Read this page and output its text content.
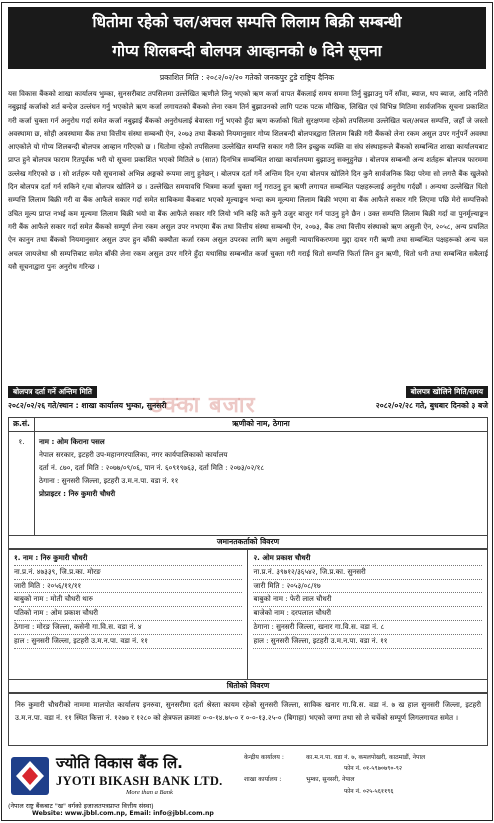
धितोमा रहेको चल/अचल सम्पत्ति लिलाम बिक्री सम्बन्धी
गोप्य शिलबन्दी बोलपत्र आव्हानको ७ दिने सूचना
प्रकाशित मिति : २०८२/०२/२० गतेको जनकपुर टुडे राष्ट्रिय दैनिक
यस विकास बैंकको शाखा कार्यालय भुम्का, सुनसरीबाट तपसिलमा उल्लेखित ऋणीले लिनु भएको ऋण कर्जा वापत बैंकलाई समय सममा तिर्नु बुझाउनु पर्ने साँवा, ब्याज, थप ब्याज, आदि नतिरी नबुझाई कर्जाको शर्त बन्देज उल्लंघन गर्नु भएकोले ऋण कर्जा लगायतको बैंकको लेना रकम तिर्न बुझाउनको लागि पटक पटक मौखिक, लिखित एवं विभिन्न मितिमा सार्वजनिक सूचना प्रकाशित गरी कर्जा चुक्ता गर्न अनुरोध गर्दा समेत कर्जा नबुझाई बैंकको अनुरोधलाई बेवास्ता गर्नु भएको हुँदा ऋण कर्जाको धितो सुरक्षणमा रहेको तपसिलमा उल्लेखित चल/अचल सम्पत्ति, जहाँ जे जस्तो अवस्थामा छ, सोही अवस्थामा बैंक तथा वित्तीय संस्था सम्बन्धी ऐन, २०७३ तथा बैंकको नियमानुसार गोप्य शिलबन्दी बोलपत्रद्वारा लिलाम बिक्री गरी बैंकको लेना रकम असुल उपर गर्नुपर्ने अवस्था आएकोले यो गोप्य शिलबन्दी बोलपत्र आव्हान गरिएको छ । धितोमा रहेको तपसिलमा उल्लेखित सम्पत्ति सकार गरी लिन इच्छुक व्यक्ति वा संघ संस्थाहरूले बैंकको सम्बन्धित शाखा कार्यालयबाट प्राप्त हुने बोलपत्र फाराम रितपूर्वक भरी यो सूचना प्रकाशित भएको मितिले ७ (सात) दिनभित्र सम्बन्धित शाखा कार्यालयमा बुझाउनु सक्नुहुनेछ । बोलपत्र सम्बन्धी अन्य शर्तहरू बोलपत्र फारममा उल्लेख गरिएको छ । सो शर्तहरू यसै सूचनाको अभिन्न अङ्गको रूपमा लागु हुनेछन् । बोलपत्र दर्ता गर्ने अन्तिम दिन र/वा बोलपत्र खोलिने दिन कुनै सार्वजनिक बिदा परेमा सो लगत्तै बैंक खुलेको दिन बोलपत्र दर्ता गर्न सकिने र/वा बोलपत्र खोलिने छ । उल्लेखित समयावधि भित्रमा कर्जा चुक्ता गर्नु गराउनु हुन ऋणी लगायत सम्बन्धित पक्षहरूलाई अनुरोध गर्दछौं । अन्यथा उल्लेखित धितो सम्पत्ति लिलाम बिक्री गरी वा बैंक आफैले सकार गर्दा समेत साबिकमा बैंकबाट भएको मूल्याङ्कन भन्दा कम मूल्यमा लिलाम बिक्री भएमा वा बैंक आफैले सकार गरि लिएमा पछि मेरो सम्पत्तिको उचित मूल्य प्राप्त नभई कम मूल्यमा लिलाम बिक्री भयो वा बैंक आफैले सकार गरि लियो भनि कहि कतै कुनै उजुर बाजुर गर्न पाउनु हुने छैन । उक्त सम्पत्ति लिलाम बिक्री गर्दा वा पुनर्मूल्याङ्कन गरी बैंक आफैले सकार गर्दा समेत बैंकको सम्पूर्ण लेना रकम असुल उपर नभएमा बैंक तथा वित्तीय संस्था सम्बन्धी ऐन, २०७३, बैंक तथा वित्तीय संस्थाको ऋण असुली ऐन, २०५८, अन्य प्रचलित ऐन कानुन तथा बैंकको नियमानुसार असुल उपर हुन बाँकी बक्यौता कर्जा रकम असुल उपरका लागि ऋण असुली न्यायाधिकरणमा मुद्दा दायर गरी ऋणी तथा सम्बन्धित पक्षहरूको अन्य चल अचल जायजेथा श्री सम्पत्तिबाट समेत बाँकी लेना रकम असुल उपर गरिने हुँदा यथासिघ्र सम्बन्धीत कर्जा चुक्ता गरी गराई धितो सम्पत्ति फिर्ता लिन हुन ऋणी, धितो धनी तथा सम्बन्धित सबैलाई यसै सूचनाद्वारा पुनः अनुरोध गरिन्छ ।
ठक्का बजार
बोलपत्र दर्ता गर्ने अन्तिम मिति	बोलपत्र खोलिने मिति/समय
२०८२/०२/२६ गते/स्थान : शाखा कार्यालय भुम्का, सुनसरी	२०८२/०२/२८ गते, बुधबार दिनको ३ बजे
क्र.सं.	ऋणीको नाम, ठेगाना
१.	नाम : ओम किराना पसल
नेपाल सरकार, इटहरी उप-महानगरपालिका, नगर कार्यपालिकाको कार्यालय
दर्ता नं. ८७०, दर्ता मिति : २०७७/०९/०६, पान नं. ६०९१९७६३, दर्ता मिति : २०७३/०२/१८
ठेगाना : सुनसरी जिल्ला, इटहरी उ.म.न.पा. वडा नं. ११
प्रोप्राइटर : निरु कुमारी चौधरी
जमानतकर्ताको विवरण
१. नाम : निरु कुमारी चौधरी
ना.प्र.नं. ४७३३९, जि.प्र.का. मोरङ
जारी मिति : २०५६/११/११
बाबुको नाम : मोती चौधरी थारु
पतिको नाम : ओम प्रकाश चौधरी
ठेगाना : मोरङ जिल्ला, कसेनी गा.वि.स. वडा नं. ४
हाल : सुनसरी जिल्ला, इटहरी उ.म.न.पा. वडा नं. ११

२. ओम प्रकाश चौधरी
ना.प्र.नं. ३९७१२/३६५४२, जि.प्र.का. सुनसरी
जारी मिति : २०५३/०८/१७
बाबुको नाम : फेरी लाल चौधरी
बाजेको नाम : दरपलाल चौधरी
ठेगाना : सुनसरी जिल्ला, खनार गा.वि.स. वडा नं. ८
हाल : सुनसरी जिल्ला, इटहरी उ.म.न.पा. वडा नं. ११
धितोको विवरण
निरु कुमारी चौधरीको नाममा मालपोत कार्यालय इनरुवा, सुनसरीमा दर्ता श्रेस्ता कायम रहेको सुनसरी जिल्ला, साविक खनार गा.वि.स. वडा नं. ७ ख हाल सुनसरी जिल्ला, इटहरी उ.म.न.पा. वडा नं. ११ स्थित कित्ता नं. १२७७ र १२८० को क्षेत्रफल क्रमशः ०-०-१४.७५-० र ०-०-१३.२५-० (बिगाहा) भएको जग्गा तथा सो ले चर्चेको सम्पूर्ण लिगलगायत समेत ।
ज्योति विकास बैंक लि.
JYOTI BIKASH BANK LTD.
More than a Bank
(नेपाल राष्ट्र बैंकबाट "ख" वर्गको इजाजतपत्रप्राप्त वित्तीय संस्था)
केन्द्रीय कार्यालय :	का.म.न.पा. वडा नं. ७, कमलपोखरी, काठमाडौं, नेपाल
फोन नं. ०१-५९७०७९०-९२
शाखा कार्यालय :	भुम्का, सुनसरी, नेपाल
फोन नं. ०२५-५६११९६
Website: www.jbbl.com.np, Email: info@jbbl.com.np
